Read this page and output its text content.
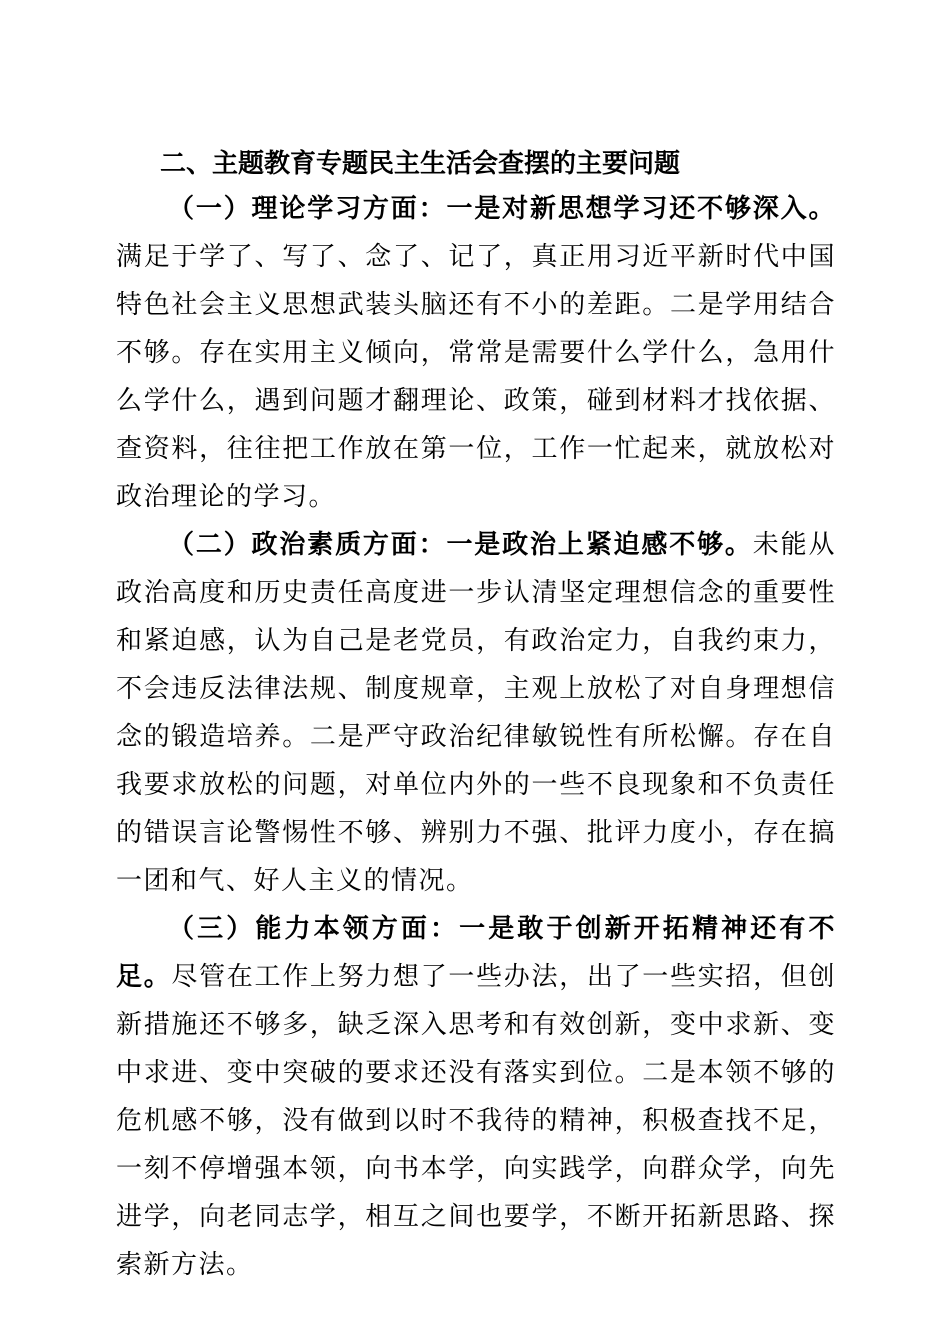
二、主题教育专题民主生活会查摆的主要问题

（一）理论学习方面：一是对新思想学习还不够深入。满足于学了、写了、念了、记了，真正用习近平新时代中国特色社会主义思想武装头脑还有不小的差距。二是学用结合不够。存在实用主义倾向，常常是需要什么学什么，急用什么学什么，遇到问题才翻理论、政策，碰到材料才找依据、查资料，往往把工作放在第一位，工作一忙起来，就放松对政治理论的学习。

（二）政治素质方面：一是政治上紧迫感不够。未能从政治高度和历史责任高度进一步认清坚定理想信念的重要性和紧迫感，认为自己是老党员，有政治定力，自我约束力，不会违反法律法规、制度规章，主观上放松了对自身理想信念的锻造培养。二是严守政治纪律敏锐性有所松懈。存在自我要求放松的问题，对单位内外的一些不良现象和不负责任的错误言论警惕性不够、辨别力不强、批评力度小，存在搞一团和气、好人主义的情况。

（三）能力本领方面：一是敢于创新开拓精神还有不足。尽管在工作上努力想了一些办法，出了一些实招，但创新措施还不够多，缺乏深入思考和有效创新，变中求新、变中求进、变中突破的要求还没有落实到位。二是本领不够的危机感不够，没有做到以时不我待的精神，积极查找不足，一刻不停增强本领，向书本学，向实践学，向群众学，向先进学，向老同志学，相互之间也要学，不断开拓新思路、探索新方法。
